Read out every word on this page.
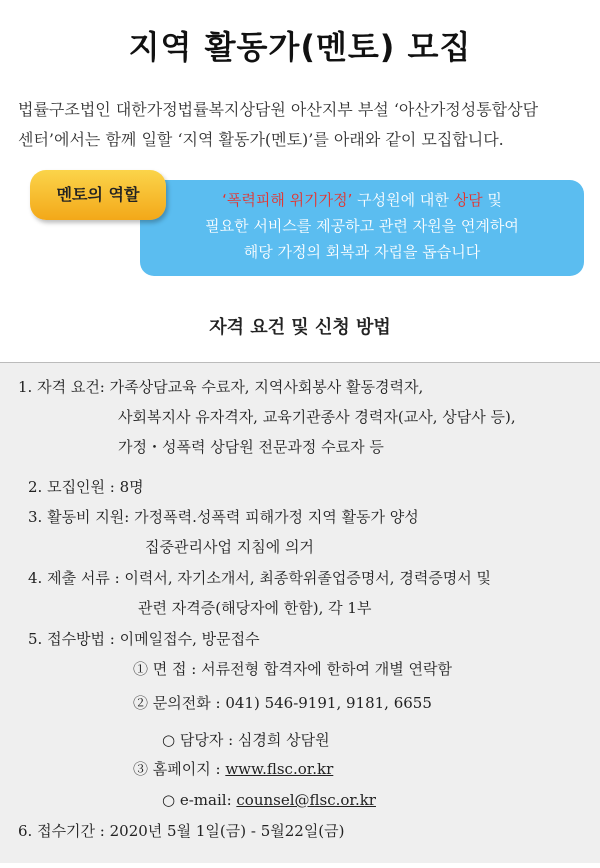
지역 활동가(멘토) 모집
법률구조법인 대한가정법률복지상담원 아산지부 부설 ‘아산가정성통합상담
센터’에서는 함께 일할 ‘지역 활동가(멘토)’를 아래와 같이 모집합니다.
‘폭력피해 위기가정’ 구성원에 대한 상담 및
필요한 서비스를 제공하고 관련 자원을 연계하여
해당 가정의 회복과 자립을 돕습니다
멘토의 역할
자격 요건 및 신청 방법
1. 자격 요건: 가족상담교육 수료자, 지역사회봉사 활동경력자,
사회복지사 유자격자, 교육기관종사 경력자(교사, 상담사 등),
가정・성폭력 상담원 전문과정 수료자 등
2. 모집인원 : 8명
3. 활동비 지원: 가정폭력.성폭력 피해가정 지역 활동가 양성
집중관리사업 지침에 의거
4. 제출 서류 : 이력서, 자기소개서, 최종학위졸업증명서, 경력증명서 및
관련 자격증(해당자에 한함), 각 1부
5. 접수방법 : 이메일접수, 방문접수
① 면 접 : 서류전형 합격자에 한하여 개별 연락함
② 문의전화 : 041) 546-9191, 9181, 6655
○ 담당자 : 심경희 상담원
③ 홈페이지 : www.flsc.or.kr
○ e-mail: counsel@flsc.or.kr
6. 접수기간 : 2020년 5월 1일(금) - 5월22일(금)
